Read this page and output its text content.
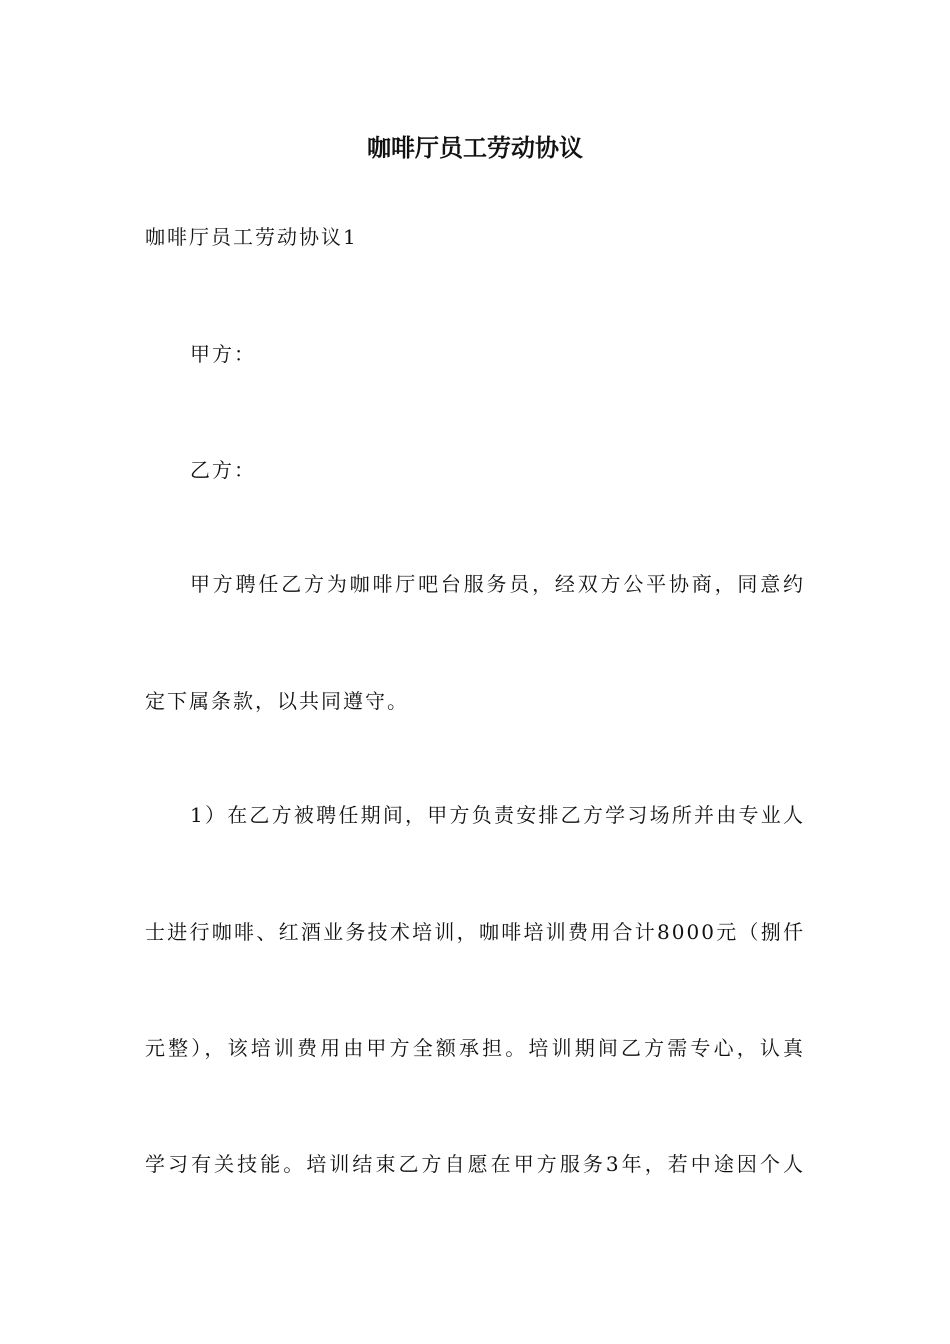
咖啡厅员工劳动协议
咖啡厅员工劳动协议1
甲方：
乙方：
甲方聘任乙方为咖啡厅吧台服务员，经双方公平协商，同意约
定下属条款，以共同遵守。
1）在乙方被聘任期间，甲方负责安排乙方学习场所并由专业人
士进行咖啡、红酒业务技术培训，咖啡培训费用合计8000元（捌仟
元整），该培训费用由甲方全额承担。培训期间乙方需专心，认真
学习有关技能。培训结束乙方自愿在甲方服务3年，若中途因个人
